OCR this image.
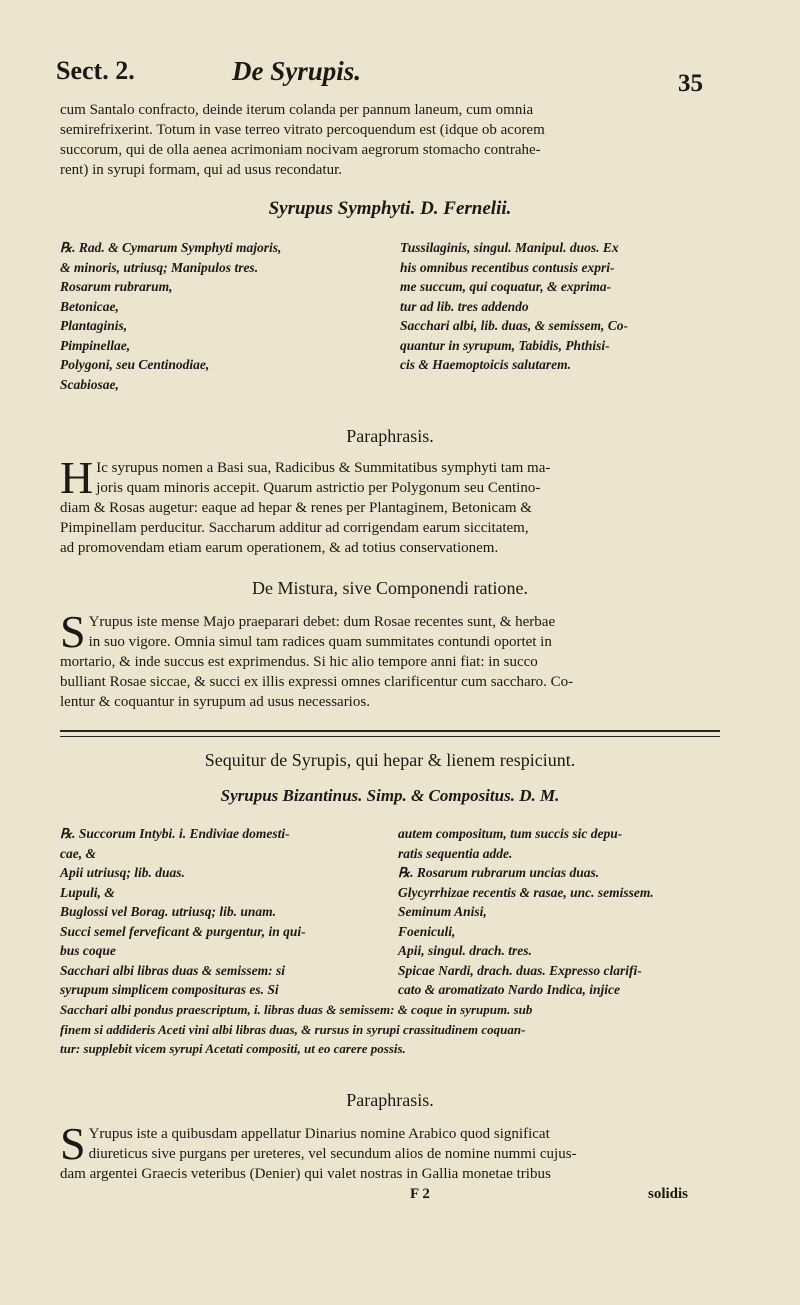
Sect. 2.	De Syrupis.	35
cum Santalo confracto, deinde iterum colanda per pannum laneum, cum omnia
semirefrixerint. Totum in vase terreo vitrato percoquendum est (idque ob acorem
succorum, qui de olla aenea acrimoniam nocivam aegrorum stomacho contrahe-
rent) in syrupi formam, qui ad usus recondatur.
Syrupus Symphyti. D. Fernelii.
℞. Rad. & Cymarum Symphyti majoris,
& minoris, utriusq; Manipulos tres.
Rosarum rubrarum,
Betonicae,
Plantaginis,
Pimpinellae,
Polygoni, seu Centinodiae,
Scabiosae,
Tussilaginis, singul. Manipul. duos. Ex
his omnibus recentibus contusis expri-
me succum, qui coquatur, & exprima-
tur ad lib. tres addendo
Sacchari albi, lib. duas, & semissem, Co-
quantur in syrupum, Tabidis, Phthisi-
cis & Haemoptoicis salutarem.
Paraphrasis.
H Ic syrupus nomen a Basi sua, Radicibus & Summitatibus symphyti tam ma-
joris quam minoris accepit. Quarum astrictio per Polygonum seu Centino-
diam & Rosas augetur: eaque ad hepar & renes per Plantaginem, Betonicam &
Pimpinellam perducitur. Saccharum additur ad corrigendam earum siccitatem,
ad promovendam etiam earum operationem, & ad totius conservationem.
De Mistura, sive Componendi ratione.
S Yrupus iste mense Majo praeparari debet: dum Rosae recentes sunt, & herbae
in suo vigore. Omnia simul tam radices quam summitates contundi oportet in
mortario, & inde succus est exprimendus. Si hic alio tempore anni fiat: in succo
bulliant Rosae siccae, & succi ex illis expressi omnes clarificentur cum saccharo. Co-
lentur & coquantur in syrupum ad usus necessarios.
Sequitur de Syrupis, qui hepar & lienem respiciunt.
Syrupus Bizantinus. Simp. & Compositus. D. M.
℞. Succorum Intybi. i. Endiviae domesti-
cae, &
Apii utriusq; lib. duas.
Lupuli, &
Buglossi vel Borag. utriusq; lib. unam.
Succi semel ferveficant & purgentur, in qui-
bus coque
Sacchari albi libras duas & semissem: si
syrupum simplicem composituras es. Si
autem compositum, tum succis sic depu-
ratis sequentia adde.
℞. Rosarum rubrarum uncias duas.
Glycyrrhizae recentis & rasae, unc. semissem.
Seminum Anisi,
Foeniculi,
Apii, singul. drach. tres.
Spicae Nardi, drach. duas. Expresso clarifi-
cato & aromatizato Nardo Indica, injice
Sacchari albi pondus praescriptum, i. libras duas & semissem: & coque in syrupum. sub
finem si addideris Aceti vini albi libras duas, & rursus in syrupi crassitudinem coquan-
tur: supplebit vicem syrupi Acetati compositi, ut eo carere possis.
Paraphrasis.
S Yrupus iste a quibusdam appellatur Dinarius nomine Arabico quod significat
diureticus sive purgans per ureteres, vel secundum alios de nomine nummi cujus-
dam argentei Graecis veteribus (Denier) qui valet nostras in Gallia monetae tribus
F 2	solidis
